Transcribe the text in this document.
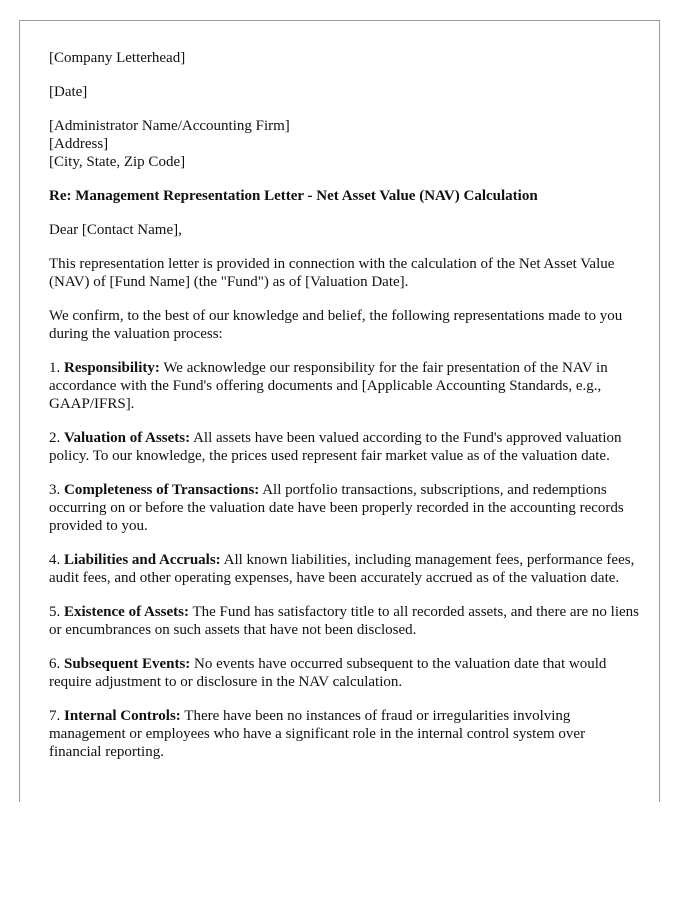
[Company Letterhead]

[Date]

[Administrator Name/Accounting Firm]
[Address]
[City, State, Zip Code]

Re: Management Representation Letter - Net Asset Value (NAV) Calculation

Dear [Contact Name],

This representation letter is provided in connection with the calculation of the Net Asset Value (NAV) of [Fund Name] (the "Fund") as of [Valuation Date].

We confirm, to the best of our knowledge and belief, the following representations made to you during the valuation process:

1. Responsibility: We acknowledge our responsibility for the fair presentation of the NAV in accordance with the Fund's offering documents and [Applicable Accounting Standards, e.g., GAAP/IFRS].

2. Valuation of Assets: All assets have been valued according to the Fund's approved valuation policy. To our knowledge, the prices used represent fair market value as of the valuation date.

3. Completeness of Transactions: All portfolio transactions, subscriptions, and redemptions occurring on or before the valuation date have been properly recorded in the accounting records provided to you.

4. Liabilities and Accruals: All known liabilities, including management fees, performance fees, audit fees, and other operating expenses, have been accurately accrued as of the valuation date.

5. Existence of Assets: The Fund has satisfactory title to all recorded assets, and there are no liens or encumbrances on such assets that have not been disclosed.

6. Subsequent Events: No events have occurred subsequent to the valuation date that would require adjustment to or disclosure in the NAV calculation.

7. Internal Controls: There have been no instances of fraud or irregularities involving management or employees who have a significant role in the internal control system over financial reporting.
